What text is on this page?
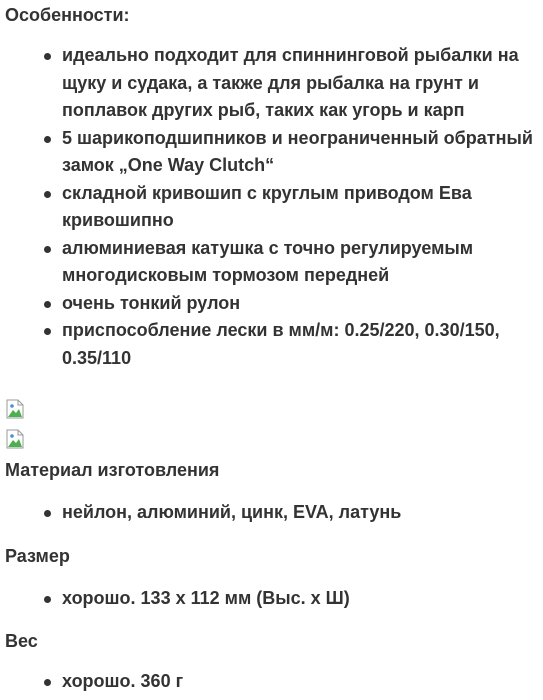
Особенности:
идеально подходит для спиннинговой рыбалки на щуку и судака, а также для рыбалка на грунт и поплавок других рыб, таких как угорь и карп
5 шарикоподшипников и неограниченный обратный замок „One Way Clutch“
складной кривошип с круглым приводом Ева кривошипно
алюминиевая катушка с точно регулируемым многодисковым тормозом передней
очень тонкий рулон
приспособление лески в мм/м: 0.25/220, 0.30/150, 0.35/110
Материал изготовления
нейлон, алюминий, цинк, EVA, латунь
Размер
хорошо. 133 x 112 мм (Выс. x Ш)
Вес
хорошо. 360 г
